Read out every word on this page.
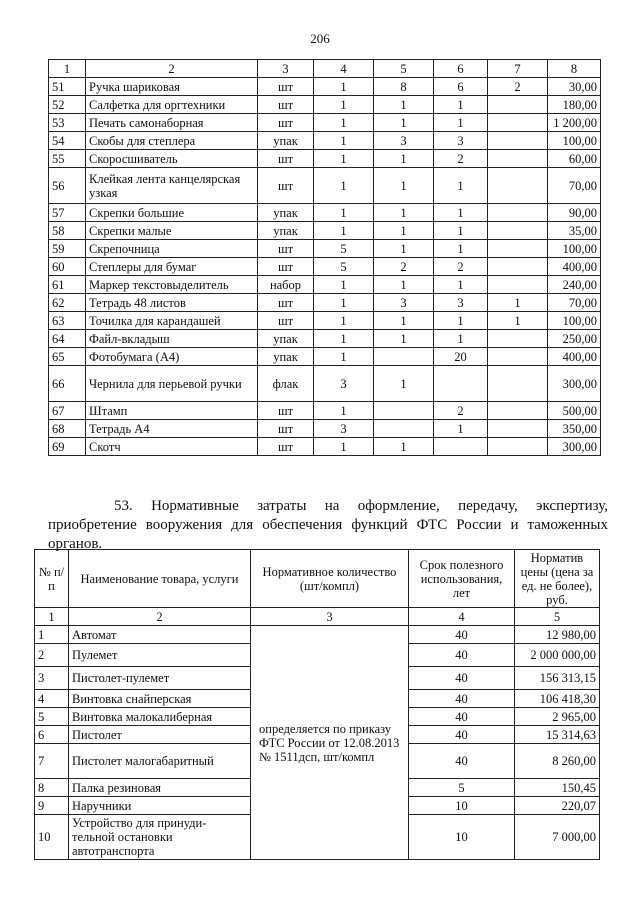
206
1	2	3	4	5	6	7	8
51	Ручка шариковая	шт	1	8	6	2	30,00
52	Салфетка для оргтехники	шт	1	1	1		180,00
53	Печать самонаборная	шт	1	1	1		1 200,00
54	Скобы для степлера	упак	1	3	3		100,00
55	Скоросшиватель	шт	1	1	2		60,00
56	Клейкая лента канцелярская узкая	шт	1	1	1		70,00
57	Скрепки большие	упак	1	1	1		90,00
58	Скрепки малые	упак	1	1	1		35,00
59	Скрепочница	шт	5	1	1		100,00
60	Степлеры для бумаг	шт	5	2	2		400,00
61	Маркер текстовыделитель	набор	1	1	1		240,00
62	Тетрадь 48 листов	шт	1	3	3	1	70,00
63	Точилка для карандашей	шт	1	1	1	1	100,00
64	Файл-вкладыш	упак	1	1	1		250,00
65	Фотобумага (А4)	упак	1		20		400,00
66	Чернила для перьевой ручки	флак	3	1			300,00
67	Штамп	шт	1		2		500,00
68	Тетрадь А4	шт	3		1		350,00
69	Скотч	шт	1	1			300,00
53. Нормативные затраты на оформление, передачу, экспертизу, приобретение вооружения для обеспечения функций ФТС России и таможенных органов.
№ п/п	Наименование товара, услуги	Нормативное количество (шт/компл)	Срок полезного использования, лет	Норматив цены (цена за ед. не более), руб.
1	2	3	4	5
1	Автомат	определяется по приказу ФТС России от 12.08.2013 № 1511дсп, шт/компл	40	12 980,00
2	Пулемет		40	2 000 000,00
3	Пистолет-пулемет		40	156 313,15
4	Винтовка снайперская		40	106 418,30
5	Винтовка малокалиберная		40	2 965,00
6	Пистолет		40	15 314,63
7	Пистолет малогабаритный		40	8 260,00
8	Палка резиновая		5	150,45
9	Наручники		10	220,07
10	Устройство для принуди-тельной остановки автотранспорта		10	7 000,00
